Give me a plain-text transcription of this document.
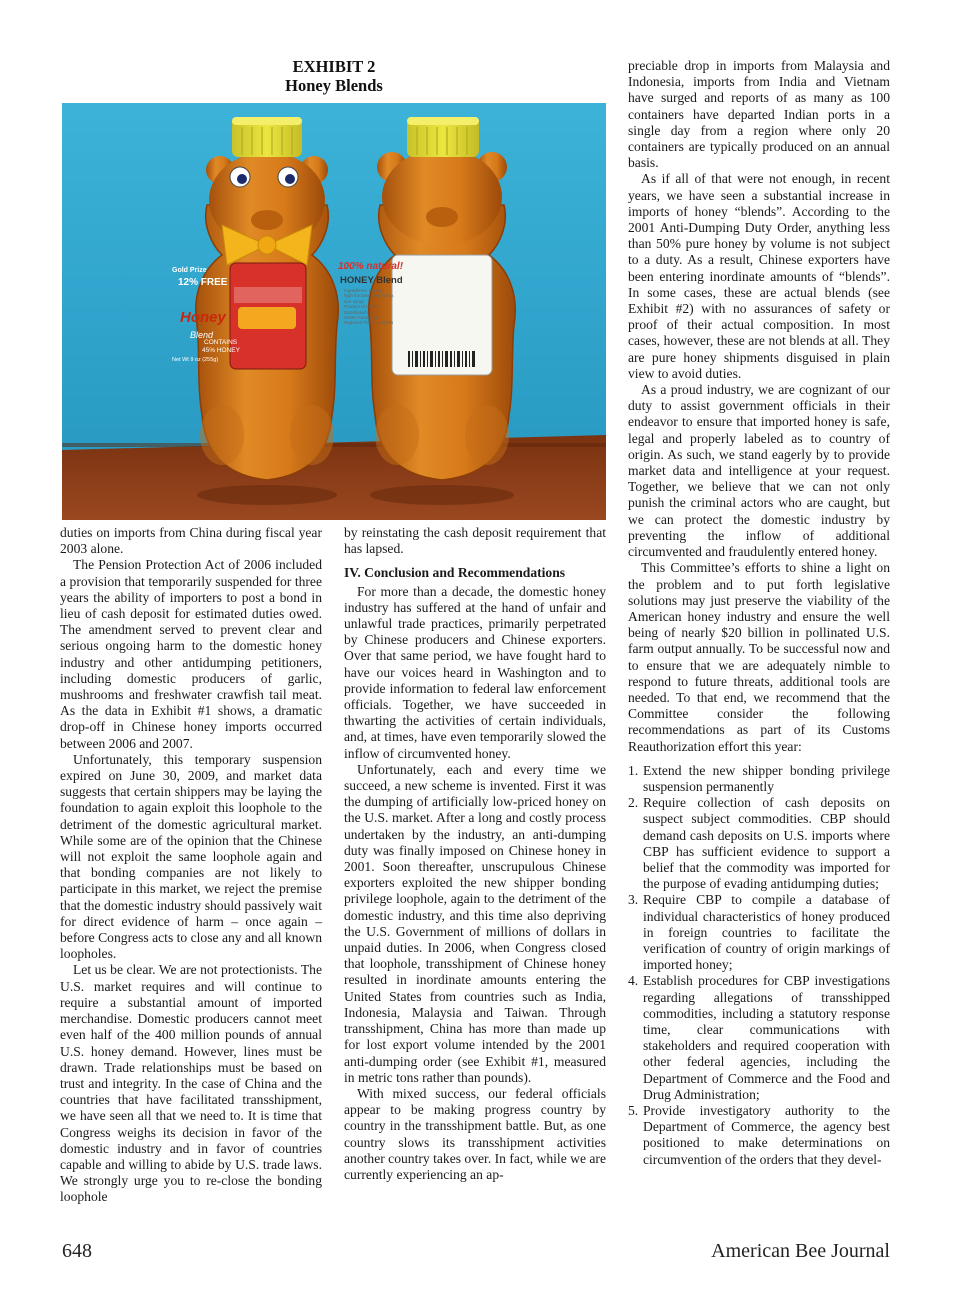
EXHIBIT 2
Honey Blends
Gold Prize
12% FREE
Honey
Blend
CONTAINS
45% HONEY
Net Wt 9 oz (255g)
100% natural!
HONEY Blend
Ingredients: honey,
high fructose corn syrup,
rice syrup
Product of China
Distributed by
Green Family Inc.
Highland Park, IL 60035

duties on imports from China during fiscal year 2003 alone.

The Pension Protection Act of 2006 included a provision that temporarily suspended for three years the ability of importers to post a bond in lieu of cash deposit for estimated duties owed. The amendment served to prevent clear and serious ongoing harm to the domestic honey industry and other antidumping petitioners, including domestic producers of garlic, mushrooms and freshwater crawfish tail meat. As the data in Exhibit #1 shows, a dramatic drop-off in Chinese honey imports occurred between 2006 and 2007.

Unfortunately, this temporary suspension expired on June 30, 2009, and market data suggests that certain shippers may be laying the foundation to again exploit this loophole to the detriment of the domestic agricultural market. While some are of the opinion that the Chinese will not exploit the same loophole again and that bonding companies are not likely to participate in this market, we reject the premise that the domestic industry should passively wait for direct evidence of harm – once again – before Congress acts to close any and all known loopholes.

Let us be clear. We are not protectionists. The U.S. market requires and will continue to require a substantial amount of imported merchandise. Domestic producers cannot meet even half of the 400 million pounds of annual U.S. honey demand. However, lines must be drawn. Trade relationships must be based on trust and integrity. In the case of China and the countries that have facilitated transshipment, we have seen all that we need to. It is time that Congress weighs its decision in favor of the domestic industry and in favor of countries capable and willing to abide by U.S. trade laws. We strongly urge you to re-close the bonding loophole

by reinstating the cash deposit requirement that has lapsed.

IV. Conclusion and Recommendations

For more than a decade, the domestic honey industry has suffered at the hand of unfair and unlawful trade practices, primarily perpetrated by Chinese producers and Chinese exporters. Over that same period, we have fought hard to have our voices heard in Washington and to provide information to federal law enforcement officials. Together, we have succeeded in thwarting the activities of certain individuals, and, at times, have even temporarily slowed the inflow of circumvented honey.

Unfortunately, each and every time we succeed, a new scheme is invented. First it was the dumping of artificially low-priced honey on the U.S. market. After a long and costly process undertaken by the industry, an anti-dumping duty was finally imposed on Chinese honey in 2001. Soon thereafter, unscrupulous Chinese exporters exploited the new shipper bonding privilege loophole, again to the detriment of the domestic industry, and this time also depriving the U.S. Government of millions of dollars in unpaid duties. In 2006, when Congress closed that loophole, transshipment of Chinese honey resulted in inordinate amounts entering the United States from countries such as India, Indonesia, Malaysia and Taiwan. Through transshipment, China has more than made up for lost export volume intended by the 2001 anti-dumping order (see Exhibit #1, measured in metric tons rather than pounds).

With mixed success, our federal officials appear to be making progress country by country in the transshipment battle. But, as one country slows its transshipment activities another country takes over. In fact, while we are currently experiencing an ap-

preciable drop in imports from Malaysia and Indonesia, imports from India and Vietnam have surged and reports of as many as 100 containers have departed Indian ports in a single day from a region where only 20 containers are typically produced on an annual basis.

As if all of that were not enough, in recent years, we have seen a substantial increase in imports of honey “blends”. According to the 2001 Anti-Dumping Duty Order, anything less than 50% pure honey by volume is not subject to a duty. As a result, Chinese exporters have been entering inordinate amounts of “blends”. In some cases, these are actual blends (see Exhibit #2) with no assurances of safety or proof of their actual composition. In most cases, however, these are not blends at all. They are pure honey shipments disguised in plain view to avoid duties.

As a proud industry, we are cognizant of our duty to assist government officials in their endeavor to ensure that imported honey is safe, legal and properly labeled as to country of origin. As such, we stand eagerly by to provide market data and intelligence at your request. Together, we believe that we can not only punish the criminal actors who are caught, but we can protect the domestic industry by preventing the inflow of additional circumvented and fraudulently entered honey.

This Committee’s efforts to shine a light on the problem and to put forth legislative solutions may just preserve the viability of the American honey industry and ensure the well being of nearly $20 billion in pollinated U.S. farm output annually. To be successful now and to ensure that we are adequately nimble to respond to future threats, additional tools are needed. To that end, we recommend that the Committee consider the following recommendations as part of its Customs Reauthorization effort this year:

1. Extend the new shipper bonding privilege suspension permanently
2. Require collection of cash deposits on suspect subject commodities. CBP should demand cash deposits on U.S. imports where CBP has sufficient evidence to support a belief that the commodity was imported for the purpose of evading antidumping duties;
3. Require CBP to compile a database of individual characteristics of honey produced in foreign countries to facilitate the verification of country of origin markings of imported honey;
4. Establish procedures for CBP investigations regarding allegations of transshipped commodities, including a statutory response time, clear communications with stakeholders and required cooperation with other federal agencies, including the Department of Commerce and the Food and Drug Administration;
5. Provide investigatory authority to the Department of Commerce, the agency best positioned to make determinations on circumvention of the orders that they devel-
648	American Bee Journal
